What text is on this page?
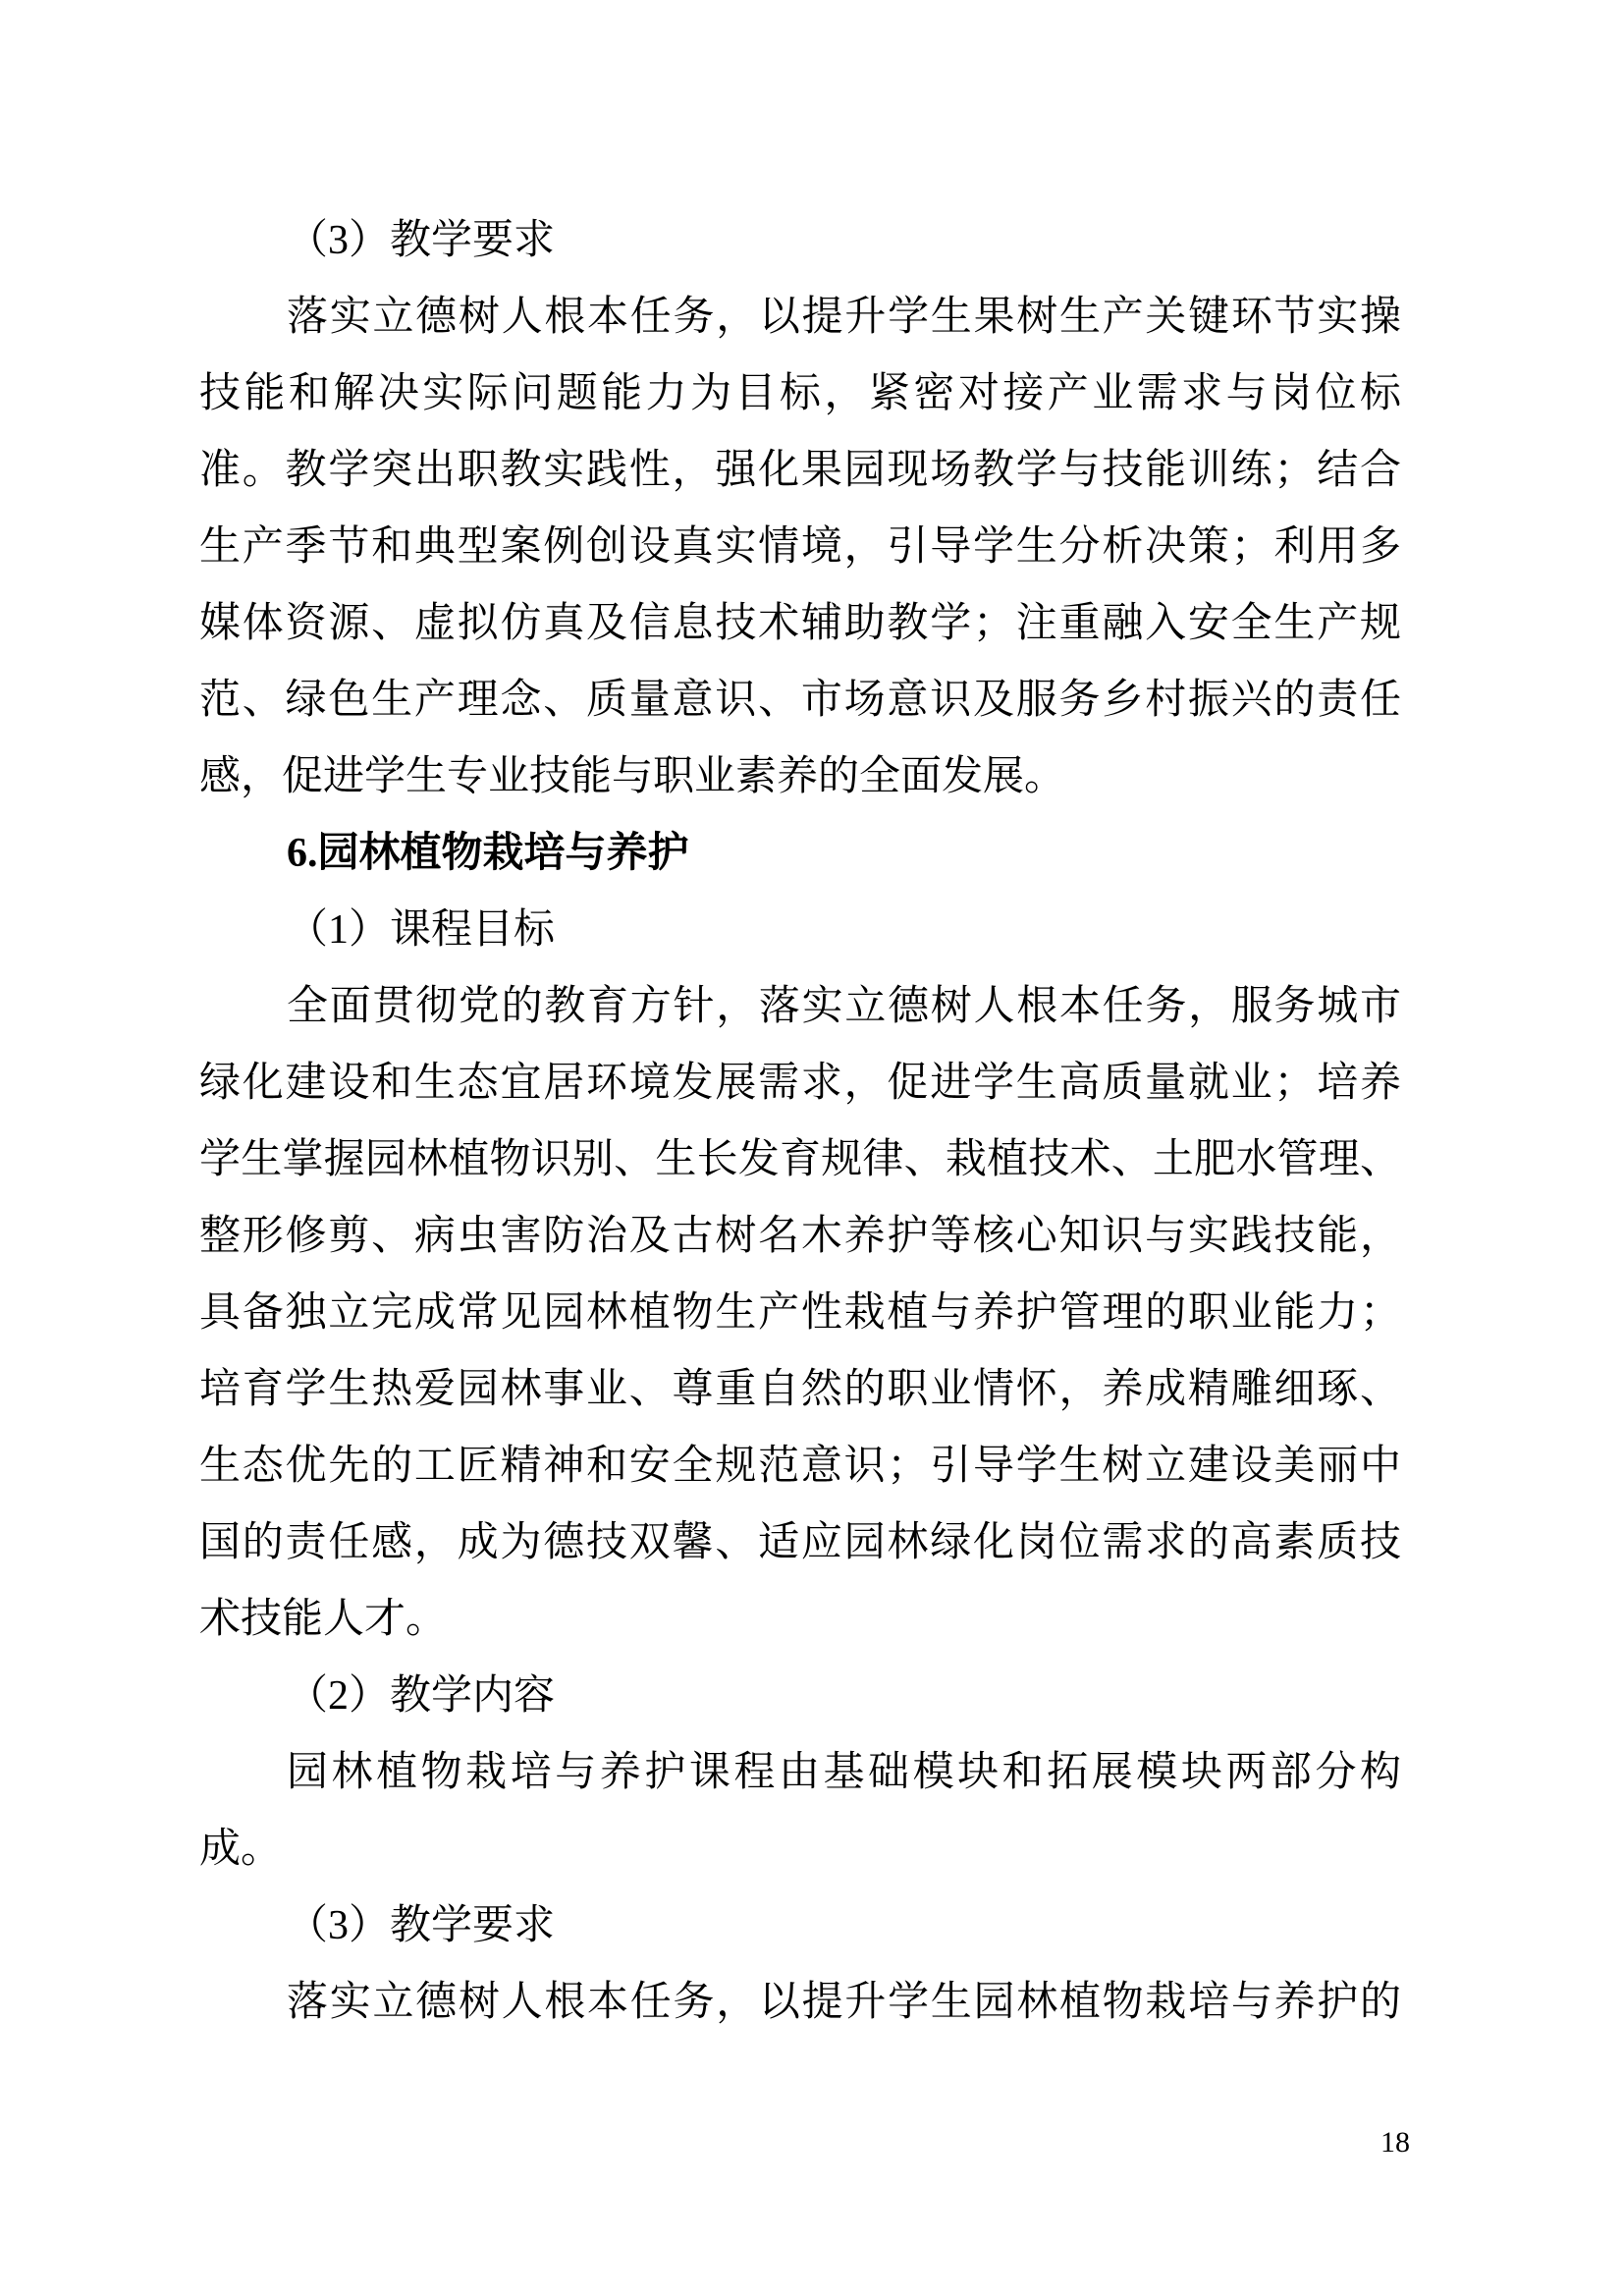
（3）教学要求
落实立德树人根本任务，以提升学生果树生产关键环节实操
技能和解决实际问题能力为目标，紧密对接产业需求与岗位标
准。教学突出职教实践性，强化果园现场教学与技能训练；结合
生产季节和典型案例创设真实情境，引导学生分析决策；利用多
媒体资源、虚拟仿真及信息技术辅助教学；注重融入安全生产规
范、绿色生产理念、质量意识、市场意识及服务乡村振兴的责任
感，促进学生专业技能与职业素养的全面发展。
6.园林植物栽培与养护
（1）课程目标
全面贯彻党的教育方针，落实立德树人根本任务，服务城市
绿化建设和生态宜居环境发展需求，促进学生高质量就业；培养
学生掌握园林植物识别、生长发育规律、栽植技术、土肥水管理、
整形修剪、病虫害防治及古树名木养护等核心知识与实践技能，
具备独立完成常见园林植物生产性栽植与养护管理的职业能力；
培育学生热爱园林事业、尊重自然的职业情怀，养成精雕细琢、
生态优先的工匠精神和安全规范意识；引导学生树立建设美丽中
国的责任感，成为德技双馨、适应园林绿化岗位需求的高素质技
术技能人才。
（2）教学内容
园林植物栽培与养护课程由基础模块和拓展模块两部分构
成。
（3）教学要求
落实立德树人根本任务，以提升学生园林植物栽培与养护的
18
